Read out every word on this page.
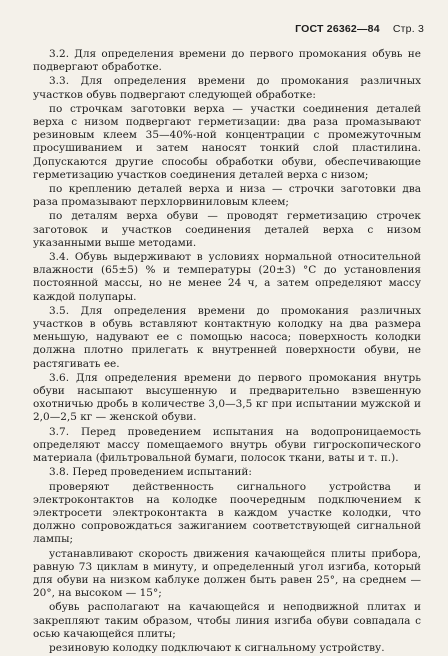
ГОСТ 26362—84 Стр. 3

3.2. Для определения времени до первого промокания обувь не подвергают обработке.

3.3. Для определения времени до промокания различных участков обувь подвергают следующей обработке:

по строчкам заготовки верха — участки соединения деталей верха с низом подвергают герметизации: два раза промазывают резиновым клеем 35—40%-ной концентрации с промежуточным просушиванием и затем наносят тонкий слой пластилина. Допускаются другие способы обработки обуви, обеспечивающие герметизацию участков соединения деталей верха с низом;

по креплению деталей верха и низа — строчки заготовки два раза промазывают перхлорвиниловым клеем;

по деталям верха обуви — проводят герметизацию строчек заготовок и участков соединения деталей верха с низом указанными выше методами.

3.4. Обувь выдерживают в условиях нормальной относительной влажности (65±5) % и температуры (20±3) °С до установления постоянной массы, но не менее 24 ч, а затем определяют массу каждой полупары.

3.5. Для определения времени до промокания различных участков в обувь вставляют контактную колодку на два размера меньшую, надувают ее с помощью насоса; поверхность колодки должна плотно прилегать к внутренней поверхности обуви, не растягивать ее.

3.6. Для определения времени до первого промокания внутрь обуви насыпают высушенную и предварительно взвешенную охотничью дробь в количестве 3,0—3,5 кг при испытании мужской и 2,0—2,5 кг — женской обуви.

3.7. Перед проведением испытания на водопроницаемость определяют массу помещаемого внутрь обуви гигроскопического материала (фильтровальной бумаги, полосок ткани, ваты и т. п.).

3.8. Перед проведением испытаний:

проверяют действенность сигнального устройства и электроконтактов на колодке поочередным подключением к электросети электроконтакта в каждом участке колодки, что должно сопровождаться зажиганием соответствующей сигнальной лампы;

устанавливают скорость движения качающейся плиты прибора, равную 73 циклам в минуту, и определенный угол изгиба, который для обуви на низком каблуке должен быть равен 25°, на среднем — 20°, на высоком — 15°;

обувь располагают на качающейся и неподвижной плитах и закрепляют таким образом, чтобы линия изгиба обуви совпадала с осью качающейся плиты;

резиновую колодку подключают к сигнальному устройству.
